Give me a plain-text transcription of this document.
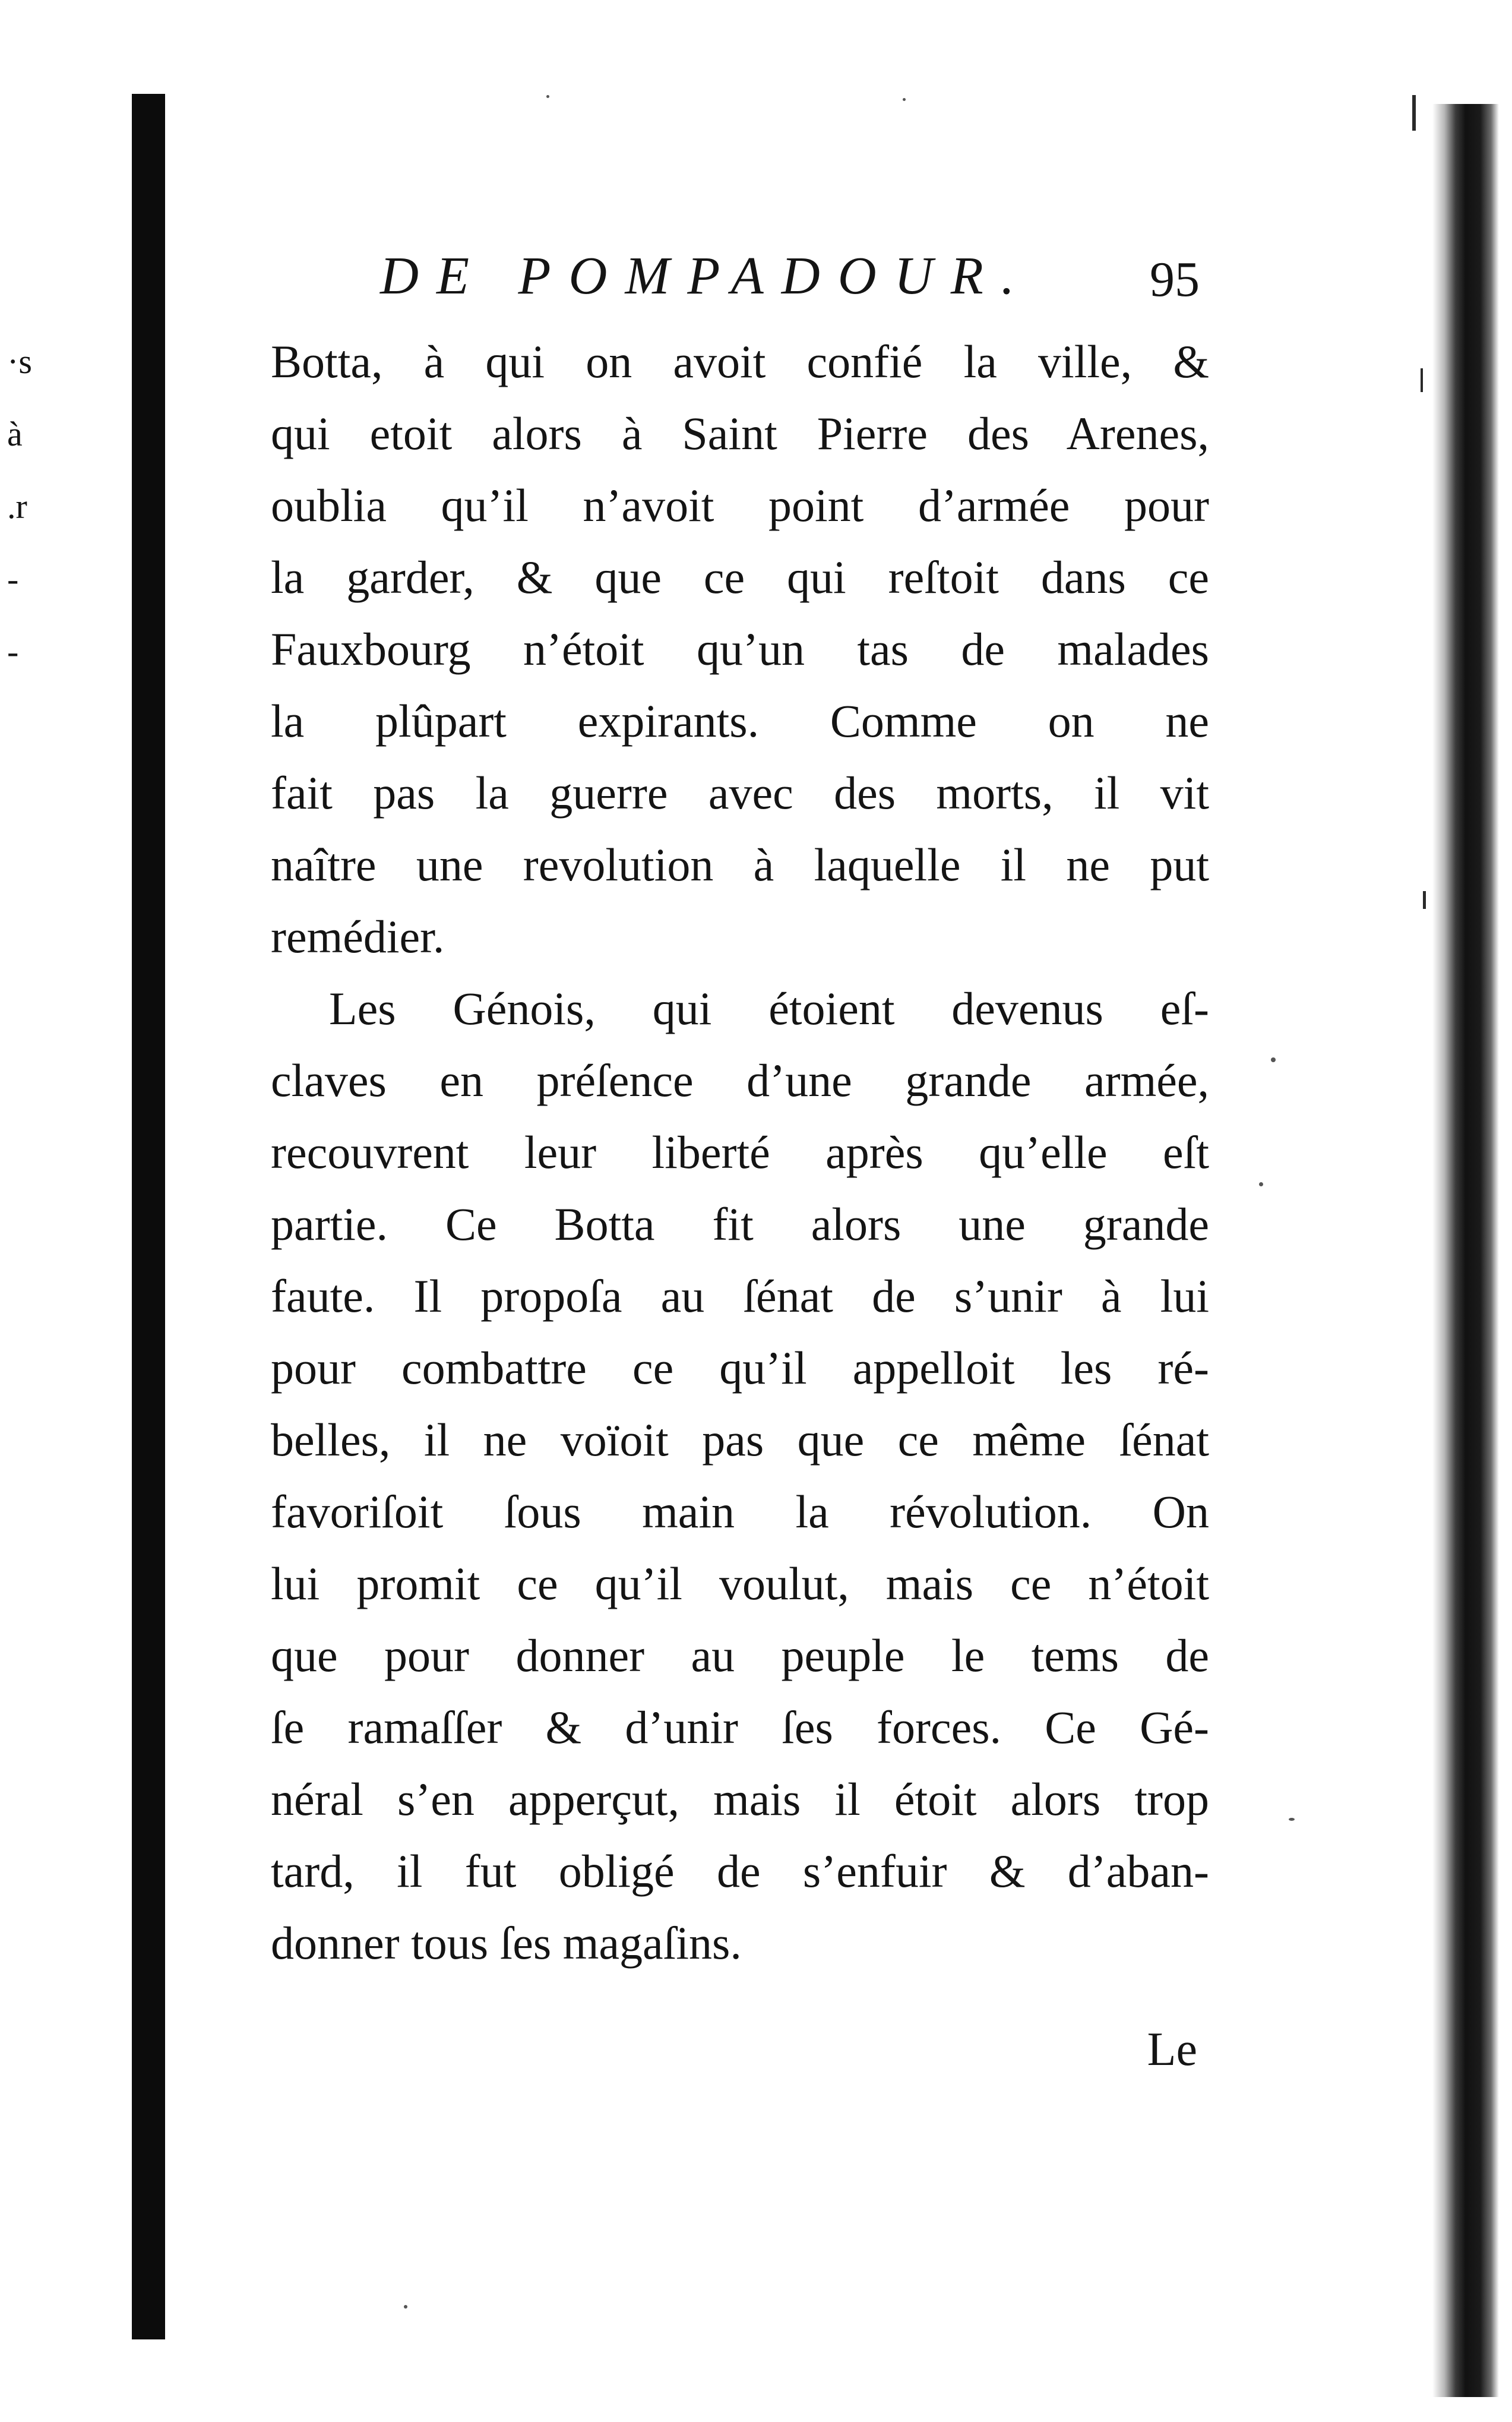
·s
à
.r
-
-
DE POMPADOUR. 95
Botta, à qui on avoit confié la ville, &
qui etoit alors à Saint Pierre des Arenes,
oublia qu’il n’avoit point d’armée pour
la garder, & que ce qui reſtoit dans ce
Fauxbourg n’étoit qu’un tas de malades
la plûpart expirants. Comme on ne
fait pas la guerre avec des morts, il vit
naître une revolution à laquelle il ne put
remédier.
Les Génois, qui étoient devenus eſ-
claves en préſence d’une grande armée,
recouvrent leur liberté après qu’elle eſt
partie. Ce Botta fit alors une grande
faute. Il propoſa au ſénat de s’unir à lui
pour combattre ce qu’il appelloit les ré-
belles, il ne voïoit pas que ce même ſénat
favoriſoit ſous main la révolution. On
lui promit ce qu’il voulut, mais ce n’étoit
que pour donner au peuple le tems de
ſe ramaſſer & d’unir ſes forces. Ce Gé-
néral s’en apperçut, mais il étoit alors trop
tard, il fut obligé de s’enfuir & d’aban-
donner tous ſes magaſins.
Le
